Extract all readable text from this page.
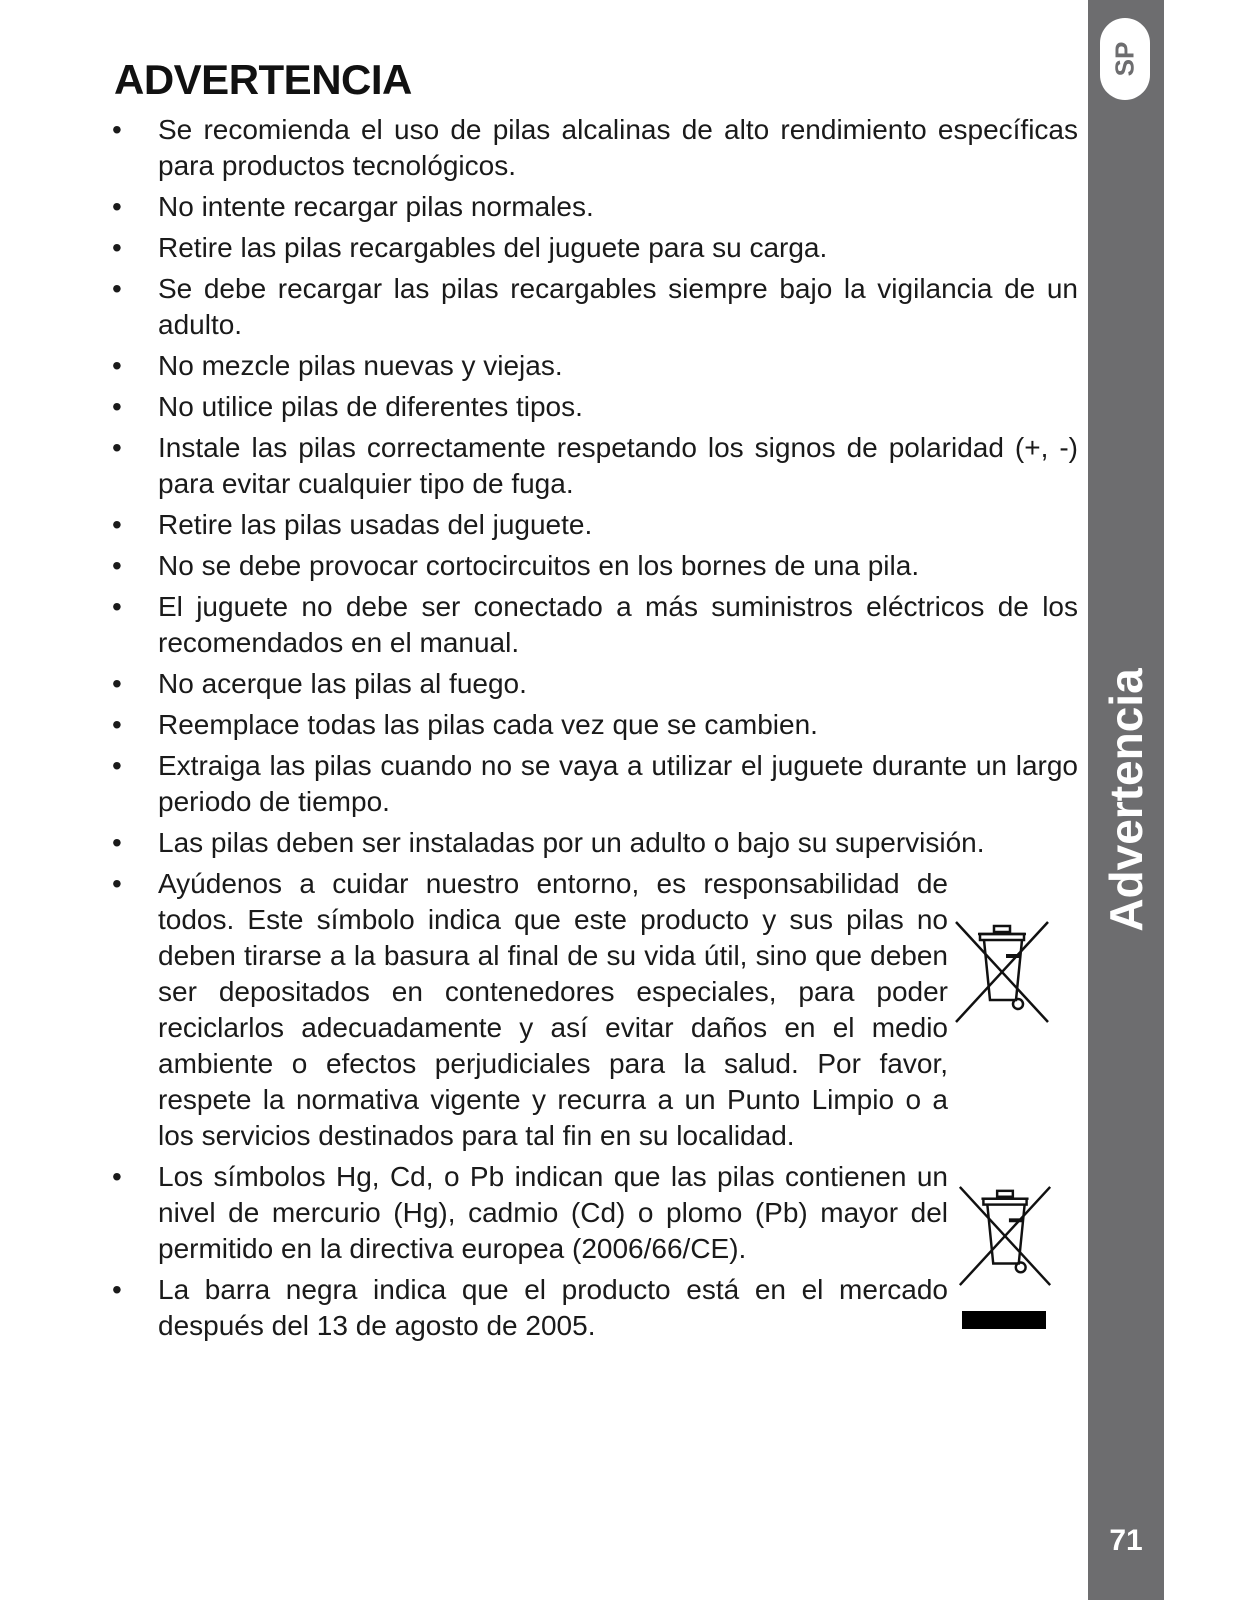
ADVERTENCIA
• Se recomienda el uso de pilas alcalinas de alto rendimiento específicas para productos tecnológicos.
• No intente recargar pilas normales.
• Retire las pilas recargables del juguete para su carga.
• Se debe recargar las pilas recargables siempre bajo la vigilancia de un adulto.
• No mezcle pilas nuevas y viejas.
• No utilice pilas de diferentes tipos.
• Instale las pilas correctamente respetando los signos de polaridad (+, -) para evitar cualquier tipo de fuga.
• Retire las pilas usadas del juguete.
• No se debe provocar cortocircuitos en los bornes de una pila.
• El juguete no debe ser conectado a más suministros eléctricos de los recomendados en el manual.
• No acerque las pilas al fuego.
• Reemplace todas las pilas cada vez que se cambien.
• Extraiga las pilas cuando no se vaya a utilizar el juguete durante un largo periodo de tiempo.
• Las pilas deben ser instaladas por un adulto o bajo su supervisión.
• Ayúdenos a cuidar nuestro entorno, es responsabilidad de todos. Este símbolo indica que este producto y sus pilas no deben tirarse a la basura al final de su vida útil, sino que deben ser depositados en contenedores especiales, para poder reciclarlos adecuadamente y así evitar daños en el medio ambiente o efectos perjudiciales para la salud. Por favor, respete la normativa vigente y recurra a un Punto Limpio o a los servicios destinados para tal fin en su localidad.
• Los símbolos Hg, Cd, o Pb indican que las pilas contienen un nivel de mercurio (Hg), cadmio (Cd) o plomo (Pb) mayor del permitido en la directiva europea (2006/66/CE).
• La barra negra indica que el producto está en el mercado después del 13 de agosto de 2005.
SP
Advertencia
71
